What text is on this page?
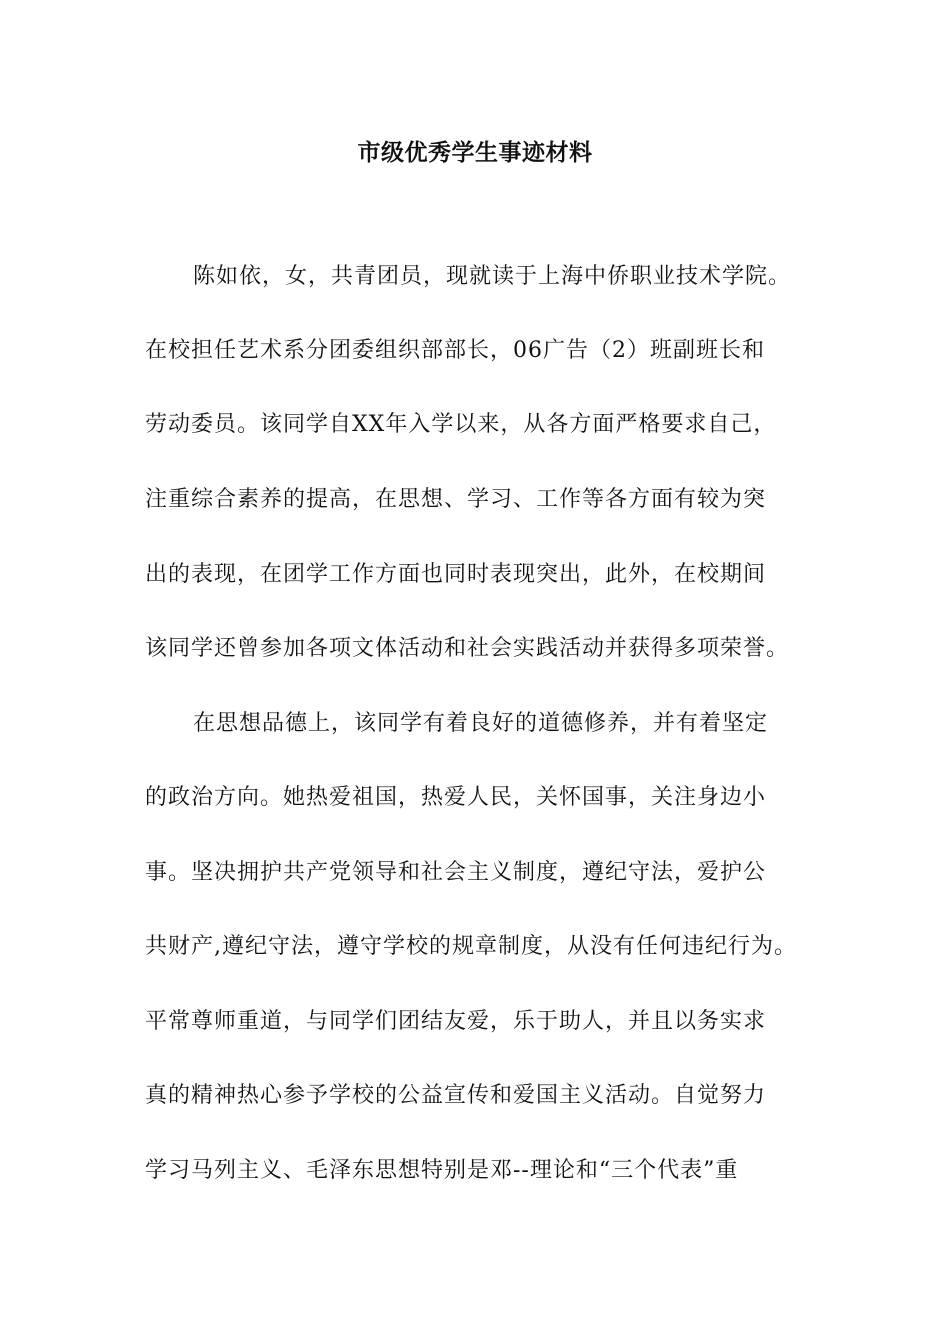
市级优秀学生事迹材料
陈如依，女，共青团员，现就读于上海中侨职业技术学院。
在校担任艺术系分团委组织部部长，06广告（2）班副班长和
劳动委员。该同学自XX年入学以来，从各方面严格要求自己，
注重综合素养的提高，在思想、学习、工作等各方面有较为突
出的表现，在团学工作方面也同时表现突出，此外，在校期间
该同学还曾参加各项文体活动和社会实践活动并获得多项荣誉。
在思想品德上，该同学有着良好的道德修养，并有着坚定
的政治方向。她热爱祖国，热爱人民，关怀国事，关注身边小
事。坚决拥护共产党领导和社会主义制度，遵纪守法，爱护公
共财产,遵纪守法，遵守学校的规章制度，从没有任何违纪行为。
平常尊师重道，与同学们团结友爱，乐于助人，并且以务实求
真的精神热心参予学校的公益宣传和爱国主义活动。自觉努力
学习马列主义、毛泽东思想特别是邓--理论和“三个代表”重
